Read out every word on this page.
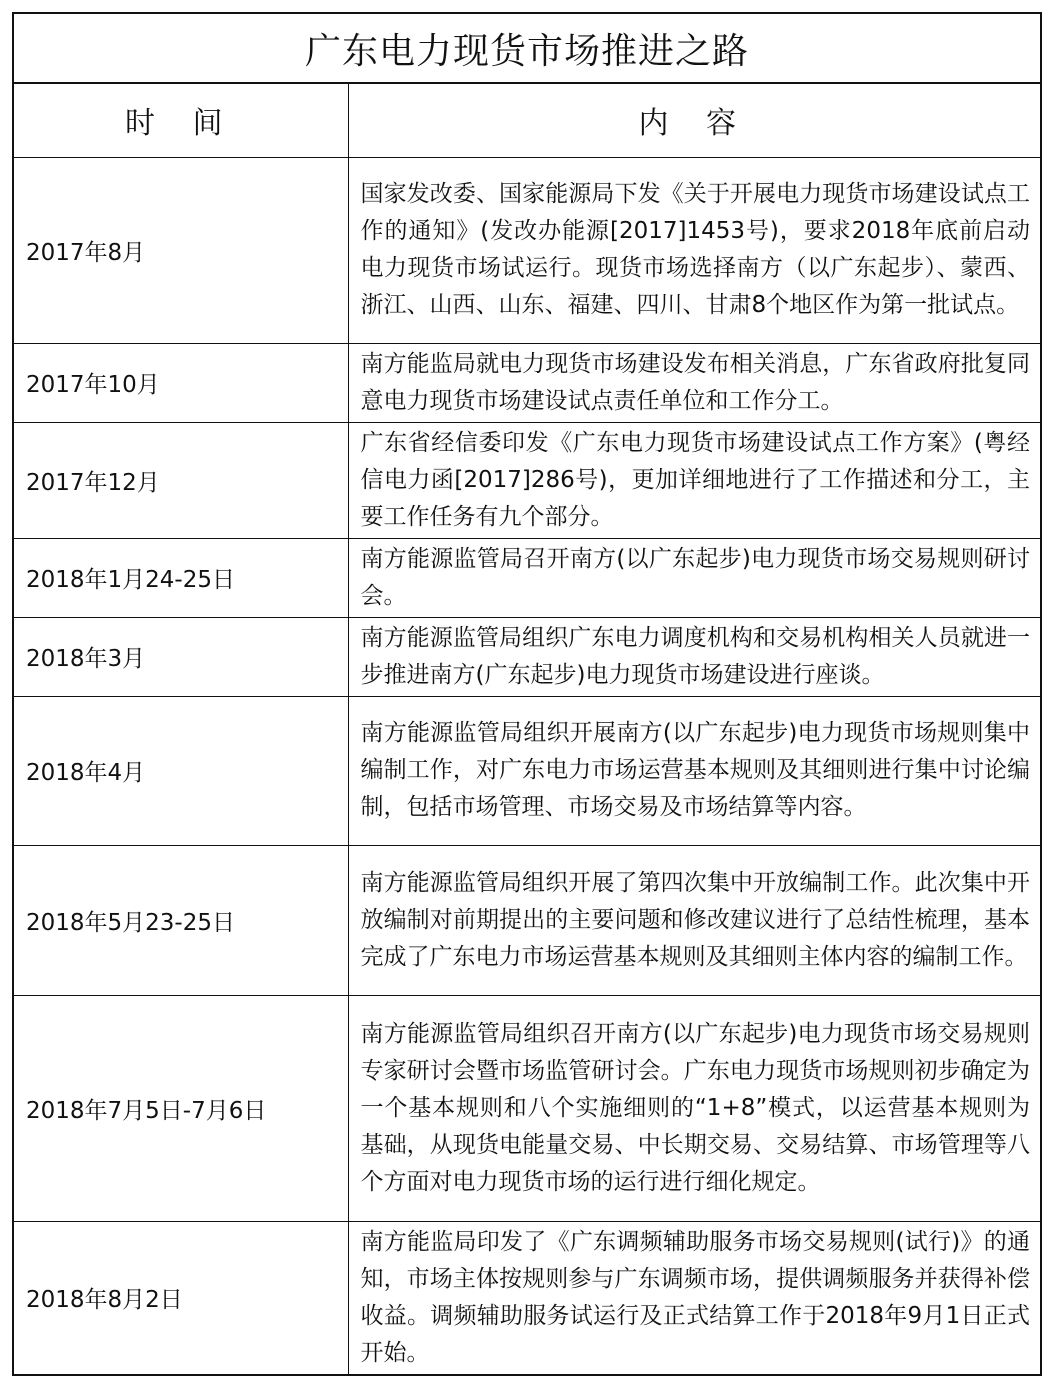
广东电力现货市场推进之路
时 间	内 容
2017年8月	国家发改委、国家能源局下发《关于开展电力现货市场建设试点工作的通知》(发改办能源[2017]1453号)，要求2018年底前启动电力现货市场试运行。现货市场选择南方（以广东起步）、蒙西、浙江、山西、山东、福建、四川、甘肃8个地区作为第一批试点。
2017年10月	南方能监局就电力现货市场建设发布相关消息，广东省政府批复同意电力现货市场建设试点责任单位和工作分工。
2017年12月	广东省经信委印发《广东电力现货市场建设试点工作方案》(粤经信电力函[2017]286号)，更加详细地进行了工作描述和分工，主要工作任务有九个部分。
2018年1月24-25日	南方能源监管局召开南方(以广东起步)电力现货市场交易规则研讨会。
2018年3月	南方能源监管局组织广东电力调度机构和交易机构相关人员就进一步推进南方(广东起步)电力现货市场建设进行座谈。
2018年4月	南方能源监管局组织开展南方(以广东起步)电力现货市场规则集中编制工作，对广东电力市场运营基本规则及其细则进行集中讨论编制，包括市场管理、市场交易及市场结算等内容。
2018年5月23-25日	南方能源监管局组织开展了第四次集中开放编制工作。此次集中开放编制对前期提出的主要问题和修改建议进行了总结性梳理，基本完成了广东电力市场运营基本规则及其细则主体内容的编制工作。
2018年7月5日-7月6日	南方能源监管局组织召开南方(以广东起步)电力现货市场交易规则专家研讨会暨市场监管研讨会。广东电力现货市场规则初步确定为一个基本规则和八个实施细则的“1+8”模式，以运营基本规则为基础，从现货电能量交易、中长期交易、交易结算、市场管理等八个方面对电力现货市场的运行进行细化规定。
2018年8月2日	南方能监局印发了《广东调频辅助服务市场交易规则(试行)》的通知，市场主体按规则参与广东调频市场，提供调频服务并获得补偿收益。调频辅助服务试运行及正式结算工作于2018年9月1日正式开始。
